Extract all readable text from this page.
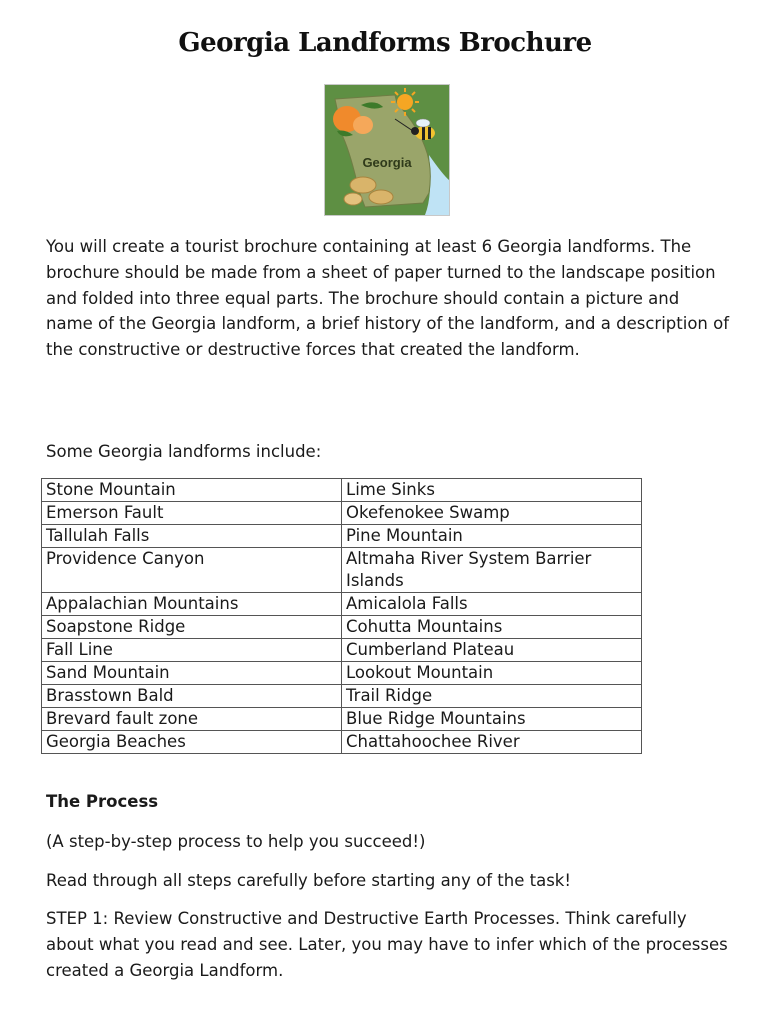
Georgia Landforms Brochure
Georgia

You will create a tourist brochure containing at least 6 Georgia landforms. The brochure should be made from a sheet of paper turned to the landscape position and folded into three equal parts. The brochure should contain a picture and name of the Georgia landform, a brief history of the landform, and a description of the constructive or destructive forces that created the landform.

Some Georgia landforms include:

Stone Mountain	Lime Sinks
Emerson Fault	Okefenokee Swamp
Tallulah Falls	Pine Mountain
Providence Canyon	Altmaha River System Barrier Islands
Appalachian Mountains	Amicalola Falls
Soapstone Ridge	Cohutta Mountains
Fall Line	Cumberland Plateau
Sand Mountain	Lookout Mountain
Brasstown Bald	Trail Ridge
Brevard fault zone	Blue Ridge Mountains
Georgia Beaches	Chattahoochee River
The Process

(A step-by-step process to help you succeed!)

Read through all steps carefully before starting any of the task!

STEP 1: Review Constructive and Destructive Earth Processes. Think carefully about what you read and see. Later, you may have to infer which of the processes created a Georgia Landform.
